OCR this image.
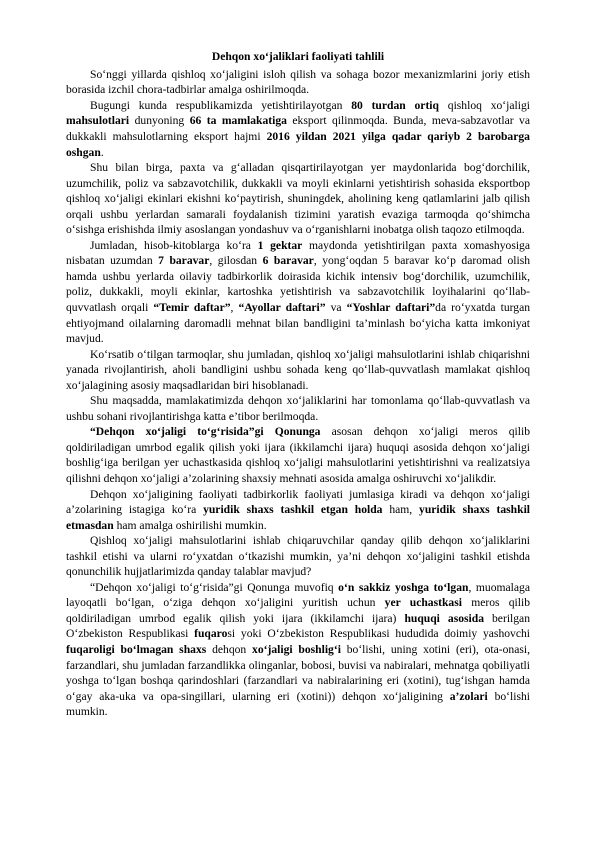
Dehqon xo‘jaliklari faoliyati tahlili

So‘nggi yillarda qishloq xo‘jaligini isloh qilish va sohaga bozor mexanizmlarini joriy etish borasida izchil chora-tadbirlar amalga oshirilmoqda.

Bugungi kunda respublikamizda yetishtirilayotgan 80 turdan ortiq qishloq xo‘jaligi mahsulotlari dunyoning 66 ta mamlakatiga eksport qilinmoqda. Bunda, meva-sabzavotlar va dukkakli mahsulotlarning eksport hajmi 2016 yildan 2021 yilga qadar qariyb 2 barobarga oshgan.

Shu bilan birga, paxta va g‘alladan qisqartirilayotgan yer maydonlarida bog‘dorchilik, uzumchilik, poliz va sabzavotchilik, dukkakli va moyli ekinlarni yetishtirish sohasida eksportbop qishloq xo‘jaligi ekinlari ekishni ko‘paytirish, shuningdek, aholining keng qatlamlarini jalb qilish orqali ushbu yerlardan samarali foydalanish tizimini yaratish evaziga tarmoqda qo‘shimcha o‘sishga erishishda ilmiy asoslangan yondashuv va o‘rganishlarni inobatga olish taqozo etilmoqda.

Jumladan, hisob-kitoblarga ko‘ra 1 gektar maydonda yetishtirilgan paxta xomashyosiga nisbatan uzumdan 7 baravar, gilosdan 6 baravar, yong‘oqdan 5 baravar ko‘p daromad olish hamda ushbu yerlarda oilaviy tadbirkorlik doirasida kichik intensiv bog‘dorchilik, uzumchilik, poliz, dukkakli, moyli ekinlar, kartoshka yetishtirish va sabzavotchilik loyihalarini qo‘llab-quvvatlash orqali “Temir daftar”, “Ayollar daftari” va “Yoshlar daftari”da ro‘yxatda turgan ehtiyojmand oilalarning daromadli mehnat bilan bandligini ta’minlash bo‘yicha katta imkoniyat mavjud.

Ko‘rsatib o‘tilgan tarmoqlar, shu jumladan, qishloq xo‘jaligi mahsulotlarini ishlab chiqarishni yanada rivojlantirish, aholi bandligini ushbu sohada keng qo‘llab-quvvatlash mamlakat qishloq xo‘jalagining asosiy maqsadlaridan biri hisoblanadi.

Shu maqsadda, mamlakatimizda dehqon xo‘jaliklarini har tomonlama qo‘llab-quvvatlash va ushbu sohani rivojlantirishga katta e’tibor berilmoqda.

“Dehqon xo‘jaligi to‘g‘risida”gi Qonunga asosan dehqon xo‘jaligi meros qilib qoldiriladigan umrbod egalik qilish yoki ijara (ikkilamchi ijara) huquqi asosida dehqon xo‘jaligi boshlig‘iga berilgan yer uchastkasida qishloq xo‘jaligi mahsulotlarini yetishtirishni va realizatsiya qilishni dehqon xo‘jaligi a’zolarining shaxsiy mehnati asosida amalga oshiruvchi xo‘jalikdir.

Dehqon xo‘jaligining faoliyati tadbirkorlik faoliyati jumlasiga kiradi va dehqon xo‘jaligi a’zolarining istagiga ko‘ra yuridik shaxs tashkil etgan holda ham, yuridik shaxs tashkil etmasdan ham amalga oshirilishi mumkin.

Qishloq xo‘jaligi mahsulotlarini ishlab chiqaruvchilar qanday qilib dehqon xo‘jaliklarini tashkil etishi va ularni ro‘yxatdan o‘tkazishi mumkin, ya’ni dehqon xo‘jaligini tashkil etishda qonunchilik hujjatlarimizda qanday talablar mavjud?

“Dehqon xo‘jaligi to‘g‘risida”gi Qonunga muvofiq o‘n sakkiz yoshga to‘lgan, muomalaga layoqatli bo‘lgan, o‘ziga dehqon xo‘jaligini yuritish uchun yer uchastkasi meros qilib qoldiriladigan umrbod egalik qilish yoki ijara (ikkilamchi ijara) huquqi asosida berilgan O‘zbekiston Respublikasi fuqarosi yoki O‘zbekiston Respublikasi hududida doimiy yashovchi fuqaroligi bo‘lmagan shaxs dehqon xo‘jaligi boshlig‘i bo‘lishi, uning xotini (eri), ota-onasi, farzandlari, shu jumladan farzandlikka olinganlar, bobosi, buvisi va nabiralari, mehnatga qobiliyatli yoshga to‘lgan boshqa qarindoshlari (farzandlari va nabiralarining eri (xotini), tug‘ishgan hamda o‘gay aka-uka va opa-singillari, ularning eri (xotini)) dehqon xo‘jaligining a’zolari bo‘lishi mumkin.
